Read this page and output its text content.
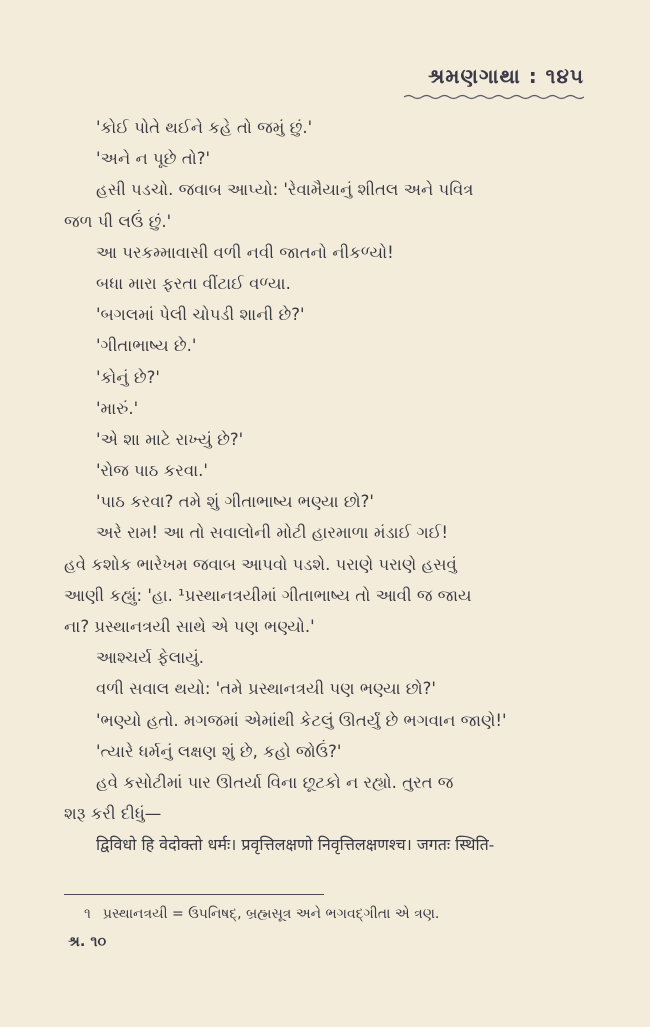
શ્રમણગાથા : ૧૪૫
'કોઈ પોતે થઈને કહે તો જમું છું.'
'અને ન પૂછે તો?'
હસી પડચો. જવાબ આપ્યો: 'રેવામૈયાનું શીતલ અને પવિત્ર
જળ પી લઉં છું.'
આ પરકમ્માવાસી વળી નવી જાતનો નીકળ્યો!
બધા મારા ફરતા વીંટાઈ વળ્યા.
'બગલમાં પેલી ચોપડી શાની છે?'
'ગીતાભાષ્ય છે.'
'કોનું છે?'
'મારું.'
'એ શા માટે રાખ્યું છે?'
'રોજ પાઠ કરવા.'
'પાઠ કરવા? તમે શું ગીતાભાષ્ય ભણ્યા છો?'
અરે રામ! આ તો સવાલોની મોટી હારમાળા મંડાઈ ગઈ!
હવે કશોક ભારેખમ જવાબ આપવો પડશે. પરાણે પરાણે હસવું
આણી કહ્યું: 'હા. ¹પ્રસ્થાનત્રયીમાં ગીતાભાષ્ય તો આવી જ જાય
ના? પ્રસ્થાનત્રયી સાથે એ પણ ભણ્યો.'
આશ્ચર્ય ફેલાયું.
વળી સવાલ થયો: 'તમે પ્રસ્થાનત્રયી પણ ભણ્યા છો?'
'ભણ્યો હતો. મગજમાં એમાંથી કેટલું ઊતર્યું છે ભગવાન જાણે!'
'ત્યારે ધર્મનું લક્ષણ શું છે, કહો જોઉં?'
હવે કસોટીમાં પાર ઊતર્યા વિના છૂટકો ન રહ્યો. તુરત જ
શરૂ કરી દીધું—
द्विविधो हि वेदोक्तो धर्मः। प्रवृत्तिलक्षणो निवृत्तिलक्षणश्च। जगतः स्थिति-
૧ પ્રસ્થાનત્રયી = ઉપનિષદ્, બ્રહ્મસૂત્ર અને ભગવદ્ગીતા એ ત્રણ.
શ્ર. ૧૦
